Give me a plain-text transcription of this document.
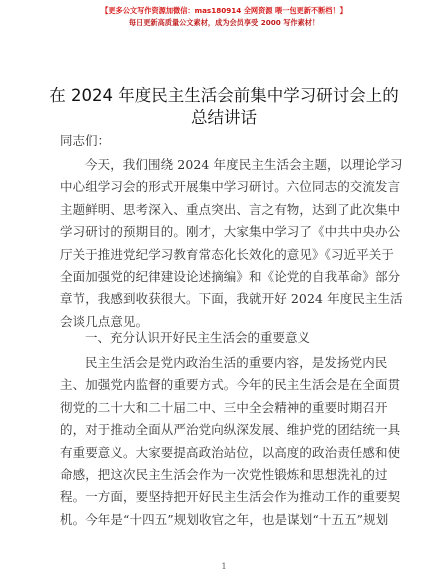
【更多公文写作资源加微信：mas180914 全网资源 喂一包更新不断档！】
每日更新高质量公文素材，成为会员享受 2000 写作素材！
在 2024 年度民主生活会前集中学习研讨会上的
总结讲话
同志们：
今天，我们围绕 2024 年度民主生活会主题，以理论学习
中心组学习会的形式开展集中学习研讨。六位同志的交流发言
主题鲜明、思考深入、重点突出、言之有物，达到了此次集中
学习研讨的预期目的。刚才，大家集中学习了《中共中央办公
厅关于推进党纪学习教育常态化长效化的意见》《习近平关于
全面加强党的纪律建设论述摘编》和《论党的自我革命》部分
章节，我感到收获很大。下面，我就开好 2024 年度民主生活
会谈几点意见。
一、充分认识开好民主生活会的重要意义
民主生活会是党内政治生活的重要内容，是发扬党内民
主、加强党内监督的重要方式。今年的民主生活会是在全面贯
彻党的二十大和二十届二中、三中全会精神的重要时期召开
的，对于推动全面从严治党向纵深发展、维护党的团结统一具
有重要意义。大家要提高政治站位，以高度的政治责任感和使
命感，把这次民主生活会作为一次党性锻炼和思想洗礼的过
程。一方面，要坚持把开好民主生活会作为推动工作的重要契
机。今年是“十四五”规划收官之年，也是谋划“十五五”规划
1
